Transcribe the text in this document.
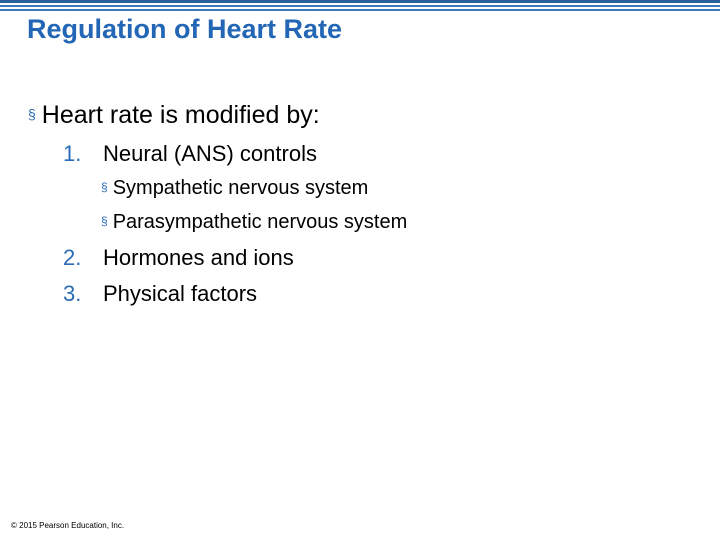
Regulation of Heart Rate
§ Heart rate is modified by:
1. Neural (ANS) controls
§ Sympathetic nervous system
§ Parasympathetic nervous system
2. Hormones and ions
3. Physical factors
© 2015 Pearson Education, Inc.
